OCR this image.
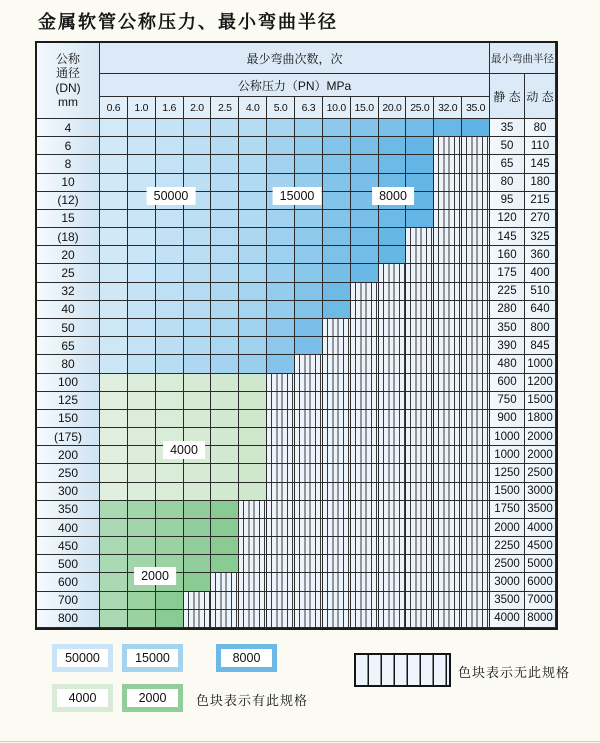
金属软管公称压力、最小弯曲半径
公称
通径
(DN)
mm
最少弯曲次数，次	最小弯曲半径
公称压力（PN）MPa
静 态 动 态
0.6	1.0	1.6	2.0	2.5	4.0	5.0	6.3	10.0 15.0 20.0 25.0 32.0 35.0
4	35	80
6	50	110
8	65	145
10	80	180
(12)	95	215
15	120	270
(18)	145	325
20	160	360
25	175	400
32	225	510
40	280	640
50	350	800
65	390	845
80	480 1000
100	600 1200
125	750 1500
150	900 1800
(175)	1000 2000
200	1000 2000
250	1250 2500
300	1500 3000
350	1750 3500
400	2000 4000
450	2250 4500
500	2500 5000
600	3000 6000
700	3500 7000
800	4000 8000
50000	15000	8000
4000
2000
色块表示有此规格
色块表示无此规格
50000	15000	8000
4000	2000
